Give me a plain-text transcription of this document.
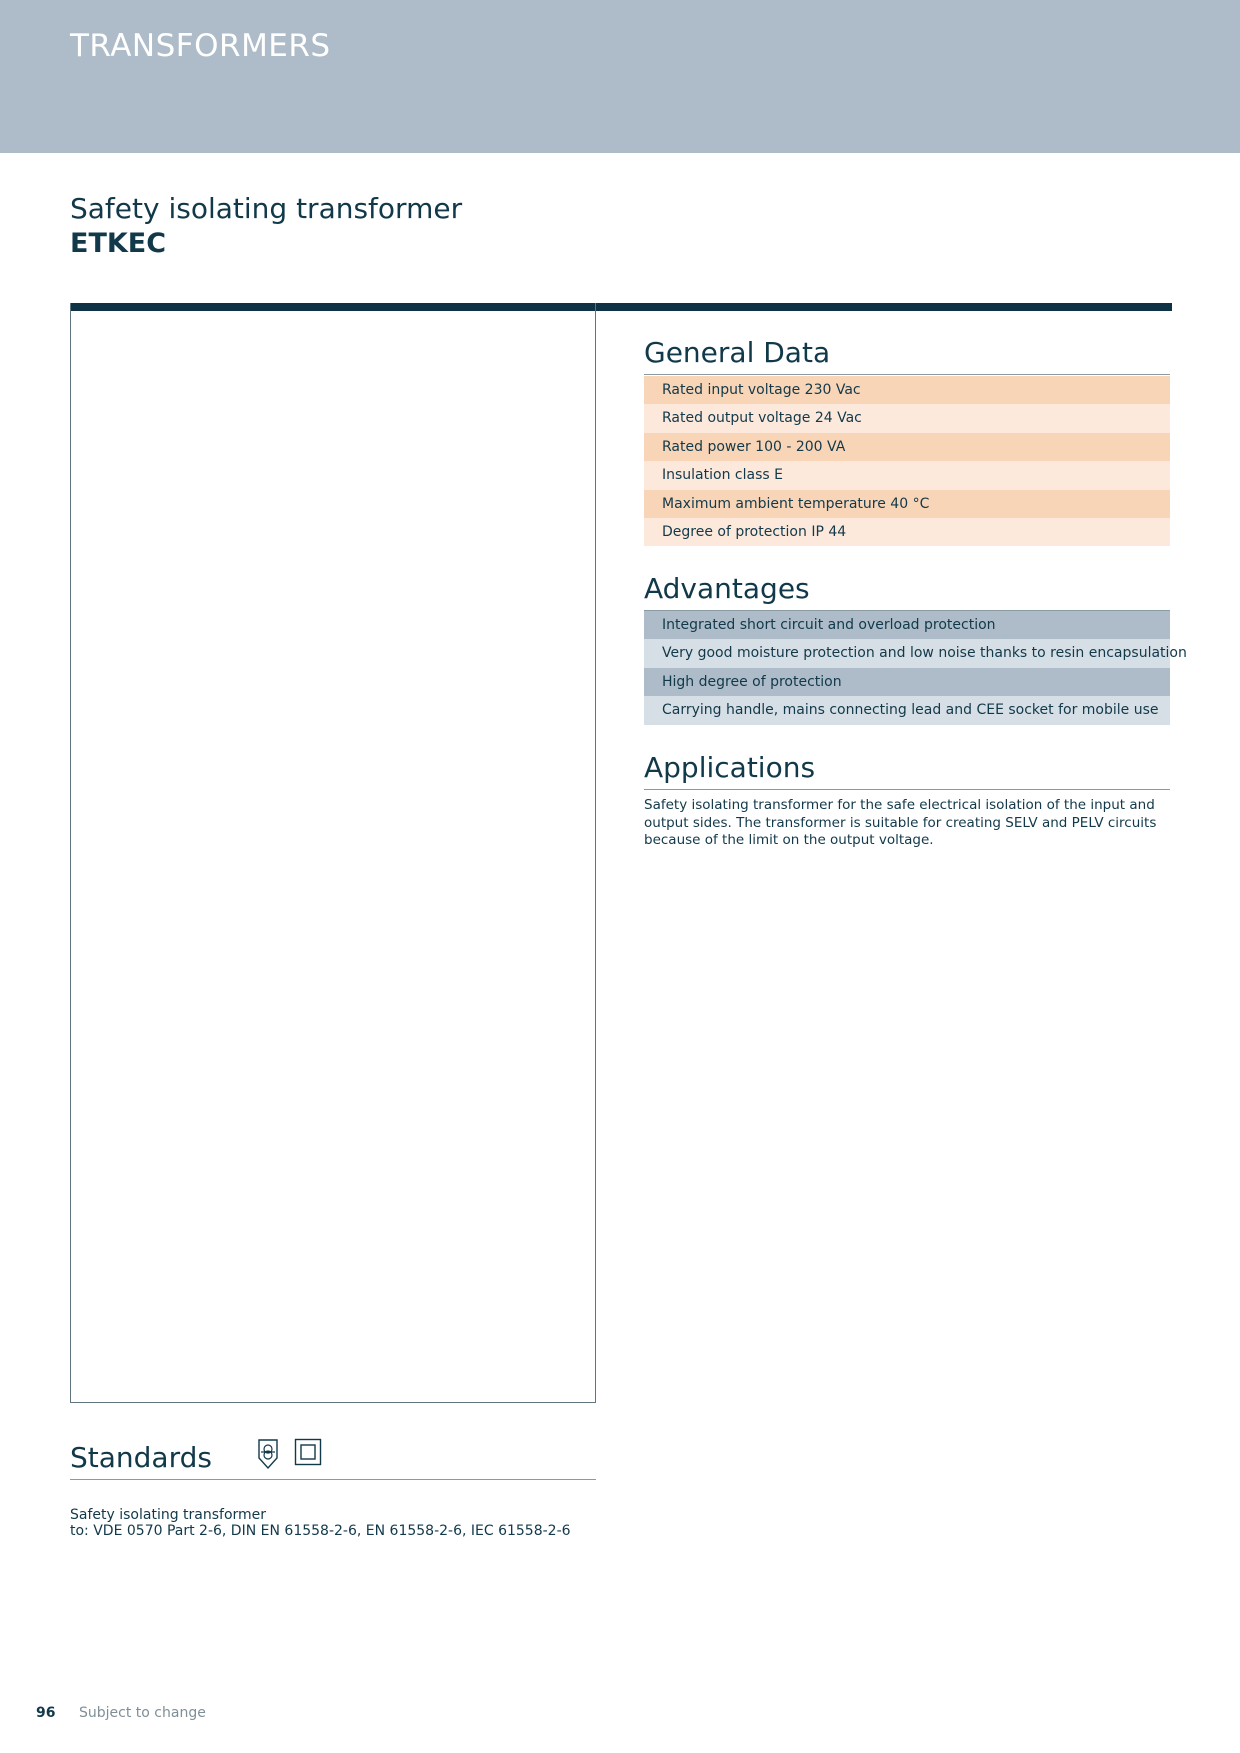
TRANSFORMERS
Safety isolating transformer
ETKEC
General Data
Rated input voltage 230 Vac
Rated output voltage 24 Vac
Rated power 100 - 200 VA
Insulation class E
Maximum ambient temperature 40 °C
Degree of protection IP 44
Advantages
Integrated short circuit and overload protection
Very good moisture protection and low noise thanks to resin encapsulation
High degree of protection
Carrying handle, mains connecting lead and CEE socket for mobile use
Applications
Safety isolating transformer for the safe electrical isolation of the input and output sides. The transformer is suitable for creating SELV and PELV circuits because of the limit on the output voltage.
Standards
Safety isolating transformer
to: VDE 0570 Part 2-6, DIN EN 61558-2-6, EN 61558-2-6, IEC 61558-2-6
96 Subject to change
